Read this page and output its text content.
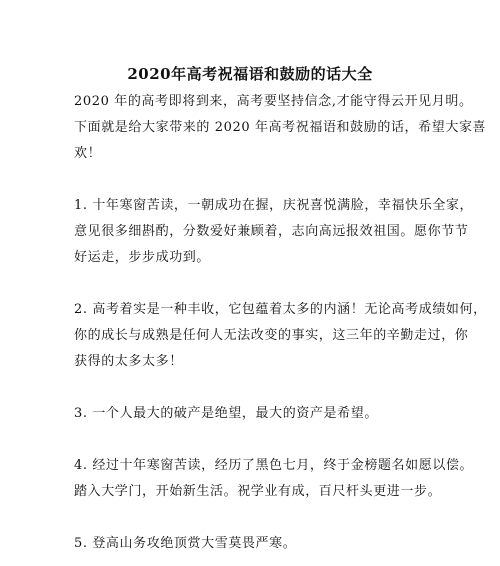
2020年高考祝福语和鼓励的话大全
2020 年的高考即将到来，高考要坚持信念,才能守得云开见月明。
下面就是给大家带来的 2020 年高考祝福语和鼓励的话，希望大家喜
欢！
1. 十年寒窗苦读，一朝成功在握，庆祝喜悦满脸，幸福快乐全家，
意见很多细斟酌，分数爱好兼顾着，志向高远报效祖国。愿你节节
好运走，步步成功到。
2. 高考着实是一种丰收，它包蕴着太多的内涵！无论高考成绩如何，
你的成长与成熟是任何人无法改变的事实，这三年的辛勤走过，你
获得的太多太多！
3. 一个人最大的破产是绝望，最大的资产是希望。
4. 经过十年寒窗苦读，经历了黑色七月，终于金榜题名如愿以偿。
踏入大学门，开始新生活。祝学业有成，百尺杆头更进一步。
5. 登高山务攻绝顶赏大雪莫畏严寒。
